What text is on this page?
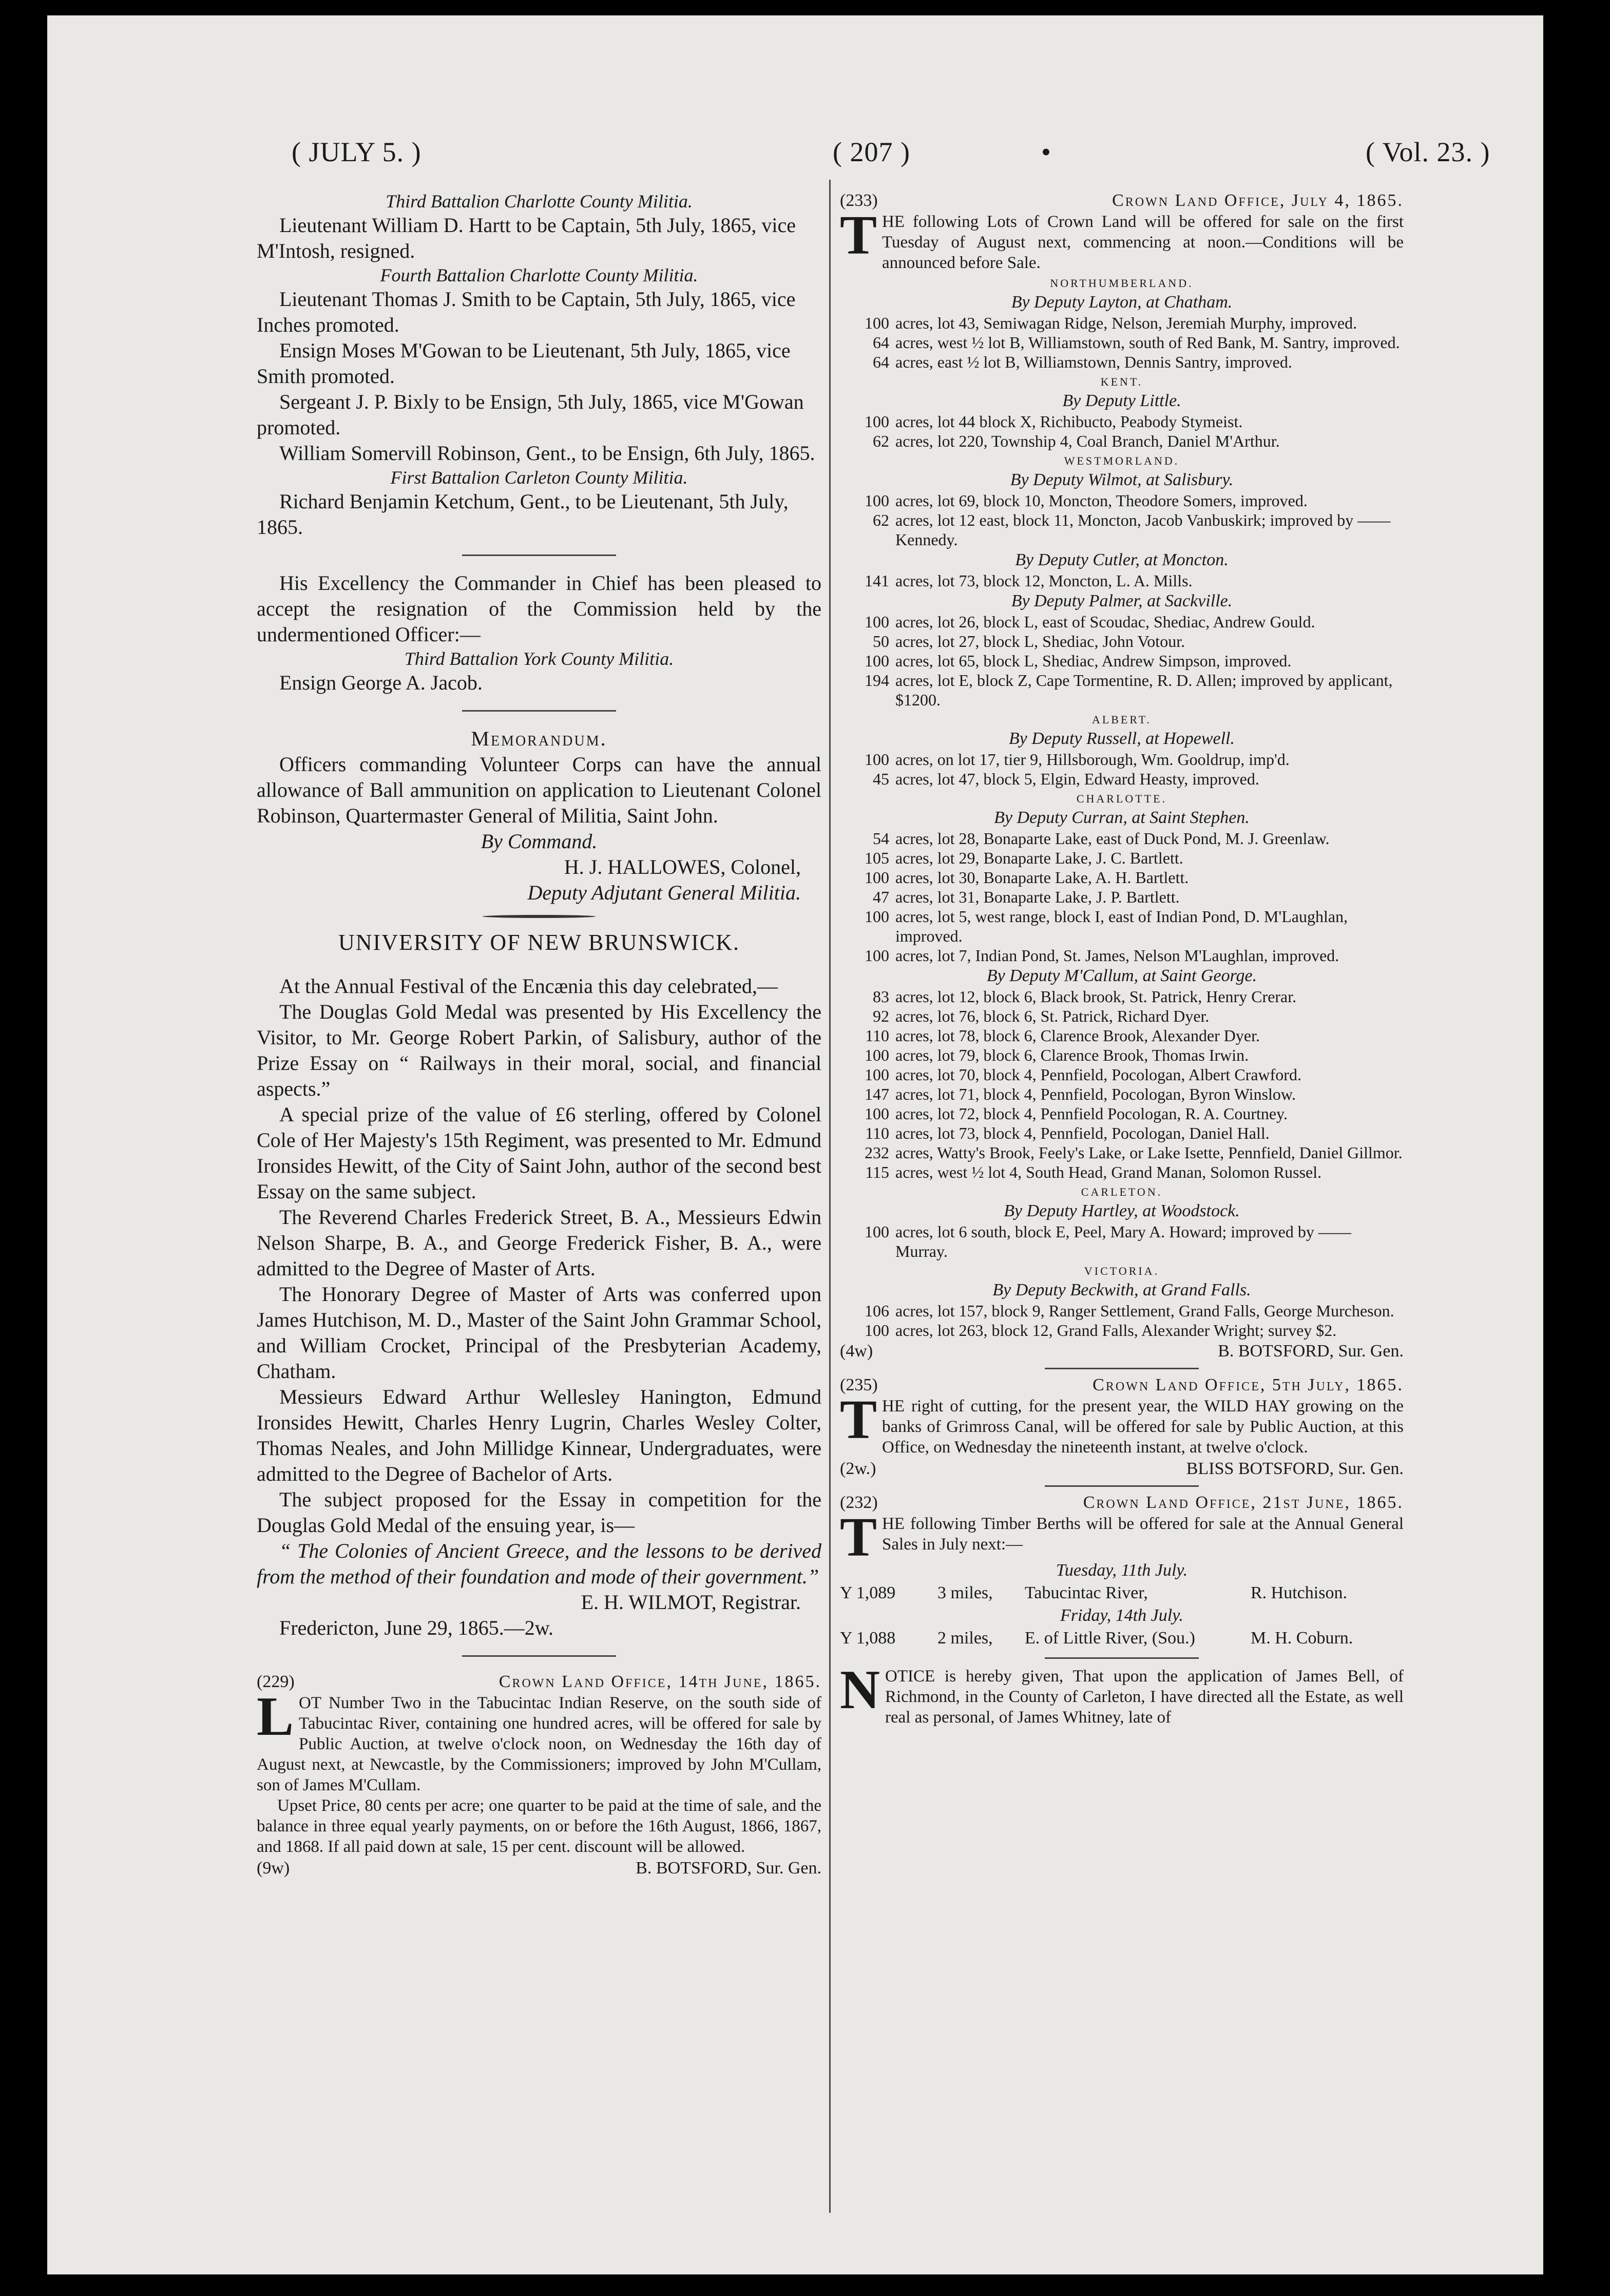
( JULY 5. )	( 207 )	•	( Vol. 23. )

Third Battalion Charlotte County Militia.

Lieutenant William D. Hartt to be Captain, 5th July, 1865, vice M'Intosh, resigned.

Fourth Battalion Charlotte County Militia.

Lieutenant Thomas J. Smith to be Captain, 5th July, 1865, vice Inches promoted.

Ensign Moses M'Gowan to be Lieutenant, 5th July, 1865, vice Smith promoted.

Sergeant J. P. Bixly to be Ensign, 5th July, 1865, vice M'Gowan promoted.

William Somervill Robinson, Gent., to be Ensign, 6th July, 1865.

First Battalion Carleton County Militia.

Richard Benjamin Ketchum, Gent., to be Lieutenant, 5th July, 1865.

His Excellency the Commander in Chief has been pleased to accept the resignation of the Commission held by the undermentioned Officer:—

Third Battalion York County Militia.

Ensign George A. Jacob.

Memorandum.

Officers commanding Volunteer Corps can have the annual allowance of Ball ammunition on application to Lieutenant Colonel Robinson, Quartermaster General of Militia, Saint John.

By Command.

H. J. HALLOWES, Colonel,

Deputy Adjutant General Militia.

UNIVERSITY OF NEW BRUNSWICK.

At the Annual Festival of the Encænia this day celebrated,—

The Douglas Gold Medal was presented by His Excellency the Visitor, to Mr. George Robert Parkin, of Salisbury, author of the Prize Essay on “ Railways in their moral, social, and financial aspects.”

A special prize of the value of £6 sterling, offered by Colonel Cole of Her Majesty's 15th Regiment, was presented to Mr. Edmund Ironsides Hewitt, of the City of Saint John, author of the second best Essay on the same subject.

The Reverend Charles Frederick Street, B. A., Messieurs Edwin Nelson Sharpe, B. A., and George Frederick Fisher, B. A., were admitted to the Degree of Master of Arts.

The Honorary Degree of Master of Arts was conferred upon James Hutchison, M. D., Master of the Saint John Grammar School, and William Crocket, Principal of the Presbyterian Academy, Chatham.

Messieurs Edward Arthur Wellesley Hanington, Edmund Ironsides Hewitt, Charles Henry Lugrin, Charles Wesley Colter, Thomas Neales, and John Millidge Kinnear, Undergraduates, were admitted to the Degree of Bachelor of Arts.

The subject proposed for the Essay in competition for the Douglas Gold Medal of the ensuing year, is—

“ The Colonies of Ancient Greece, and the lessons to be derived from the method of their foundation and mode of their government.”

E. H. WILMOT, Registrar.

Fredericton, June 29, 1865.—2w.

(229)	Crown Land Office, 14th June, 1865.

LOT Number Two in the Tabucintac Indian Reserve, on the south side of Tabucintac River, containing one hundred acres, will be offered for sale by Public Auction, at twelve o'clock noon, on Wednesday the 16th day of August next, at Newcastle, by the Commissioners; improved by John M'Cullam, son of James M'Cullam.

Upset Price, 80 cents per acre; one quarter to be paid at the time of sale, and the balance in three equal yearly payments, on or before the 16th August, 1866, 1867, and 1868. If all paid down at sale, 15 per cent. discount will be allowed.

(9w)	B. BOTSFORD, Sur. Gen.
(233)	Crown Land Office, July 4, 1865.

THE following Lots of Crown Land will be offered for sale on the first Tuesday of August next, commencing at noon.—Conditions will be announced before Sale.

NORTHUMBERLAND.

By Deputy Layton, at Chatham.

100 acres, lot 43, Semiwagan Ridge, Nelson, Jeremiah Murphy, improved.
64 acres, west ½ lot B, Williamstown, south of Red Bank, M. Santry, improved.
64 acres, east ½ lot B, Williamstown, Dennis Santry, improved.

KENT.

By Deputy Little.

100 acres, lot 44 block X, Richibucto, Peabody Stymeist.
62 acres, lot 220, Township 4, Coal Branch, Daniel M'Arthur.

WESTMORLAND.

By Deputy Wilmot, at Salisbury.

100 acres, lot 69, block 10, Moncton, Theodore Somers, improved.
62 acres, lot 12 east, block 11, Moncton, Jacob Vanbuskirk; improved by —— Kennedy.

By Deputy Cutler, at Moncton.

141 acres, lot 73, block 12, Moncton, L. A. Mills.

By Deputy Palmer, at Sackville.

100 acres, lot 26, block L, east of Scoudac, Shediac, Andrew Gould.
50 acres, lot 27, block L, Shediac, John Votour.
100 acres, lot 65, block L, Shediac, Andrew Simpson, improved.
194 acres, lot E, block Z, Cape Tormentine, R. D. Allen; improved by applicant, $1200.

ALBERT.

By Deputy Russell, at Hopewell.

100 acres, on lot 17, tier 9, Hillsborough, Wm. Gooldrup, imp'd.
45 acres, lot 47, block 5, Elgin, Edward Heasty, improved.

CHARLOTTE.

By Deputy Curran, at Saint Stephen.

54 acres, lot 28, Bonaparte Lake, east of Duck Pond, M. J. Greenlaw.
105 acres, lot 29, Bonaparte Lake, J. C. Bartlett.
100 acres, lot 30, Bonaparte Lake, A. H. Bartlett.
47 acres, lot 31, Bonaparte Lake, J. P. Bartlett.
100 acres, lot 5, west range, block I, east of Indian Pond, D. M'Laughlan, improved.
100 acres, lot 7, Indian Pond, St. James, Nelson M'Laughlan, improved.

By Deputy M'Callum, at Saint George.

83 acres, lot 12, block 6, Black brook, St. Patrick, Henry Crerar.
92 acres, lot 76, block 6, St. Patrick, Richard Dyer.
110 acres, lot 78, block 6, Clarence Brook, Alexander Dyer.
100 acres, lot 79, block 6, Clarence Brook, Thomas Irwin.
100 acres, lot 70, block 4, Pennfield, Pocologan, Albert Crawford.
147 acres, lot 71, block 4, Pennfield, Pocologan, Byron Winslow.
100 acres, lot 72, block 4, Pennfield Pocologan, R. A. Courtney.
110 acres, lot 73, block 4, Pennfield, Pocologan, Daniel Hall.
232 acres, Watty's Brook, Feely's Lake, or Lake Isette, Pennfield, Daniel Gillmor.
115 acres, west ½ lot 4, South Head, Grand Manan, Solomon Russel.

CARLETON.

By Deputy Hartley, at Woodstock.

100 acres, lot 6 south, block E, Peel, Mary A. Howard; improved by —— Murray.

VICTORIA.

By Deputy Beckwith, at Grand Falls.

106 acres, lot 157, block 9, Ranger Settlement, Grand Falls, George Murcheson.
100 acres, lot 263, block 12, Grand Falls, Alexander Wright; survey $2.
(4w)	B. BOTSFORD, Sur. Gen.
(235)	Crown Land Office, 5th July, 1865.

THE right of cutting, for the present year, the WILD HAY growing on the banks of Grimross Canal, will be offered for sale by Public Auction, at this Office, on Wednesday the nineteenth instant, at twelve o'clock.

(2w.)	BLISS BOTSFORD, Sur. Gen.
(232)	Crown Land Office, 21st June, 1865.

THE following Timber Berths will be offered for sale at the Annual General Sales in July next:—

Tuesday, 11th July.

Y 1,089	3 miles,	Tabucintac River,	R. Hutchison.

Friday, 14th July.

Y 1,088	2 miles,	E. of Little River, (Sou.)	M. H. Coburn.

NOTICE is hereby given, That upon the application of James Bell, of Richmond, in the County of Carleton, I have directed all the Estate, as well real as personal, of James Whitney, late of
